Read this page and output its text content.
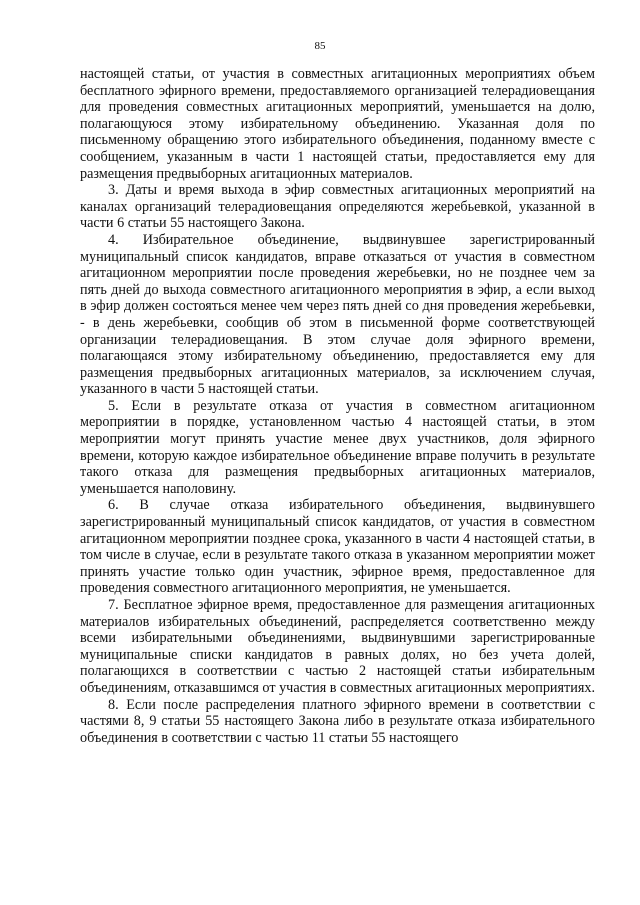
85

настоящей статьи, от участия в совместных агитационных мероприятиях объем бесплатного эфирного времени, предоставляемого организацией телерадиовещания для проведения совместных агитационных мероприятий, уменьшается на долю, полагающуюся этому избирательному объединению. Указанная доля по письменному обращению этого избирательного объединения, поданному вместе с сообщением, указанным в части 1 настоящей статьи, предоставляется ему для размещения предвыборных агитационных материалов.

3. Даты и время выхода в эфир совместных агитационных мероприятий на каналах организаций телерадиовещания определяются жеребьевкой, указанной в части 6 статьи 55 настоящего Закона.

4. Избирательное объединение, выдвинувшее зарегистрированный муниципальный список кандидатов, вправе отказаться от участия в совместном агитационном мероприятии после проведения жеребьевки, но не позднее чем за пять дней до выхода совместного агитационного мероприятия в эфир, а если выход в эфир должен состояться менее чем через пять дней со дня проведения жеребьевки, - в день жеребьевки, сообщив об этом в письменной форме соответствующей организации телерадиовещания. В этом случае доля эфирного времени, полагающаяся этому избирательному объединению, предоставляется ему для размещения предвыборных агитационных материалов, за исключением случая, указанного в части 5 настоящей статьи.

5. Если в результате отказа от участия в совместном агитационном мероприятии в порядке, установленном частью 4 настоящей статьи, в этом мероприятии могут принять участие менее двух участников, доля эфирного времени, которую каждое избирательное объединение вправе получить в результате такого отказа для размещения предвыборных агитационных материалов, уменьшается наполовину.

6. В случае отказа избирательного объединения, выдвинувшего зарегистрированный муниципальный список кандидатов, от участия в совместном агитационном мероприятии позднее срока, указанного в части 4 настоящей статьи, в том числе в случае, если в результате такого отказа в указанном мероприятии может принять участие только один участник, эфирное время, предоставленное для проведения совместного агитационного мероприятия, не уменьшается.

7. Бесплатное эфирное время, предоставленное для размещения агитационных материалов избирательных объединений, распределяется соответственно между всеми избирательными объединениями, выдвинувшими зарегистрированные муниципальные списки кандидатов в равных долях, но без учета долей, полагающихся в соответствии с частью 2 настоящей статьи избирательным объединениям, отказавшимся от участия в совместных агитационных мероприятиях.

8. Если после распределения платного эфирного времени в соответствии с частями 8, 9 статьи 55 настоящего Закона либо в результате отказа избирательного объединения в соответствии с частью 11 статьи 55 настоящего
